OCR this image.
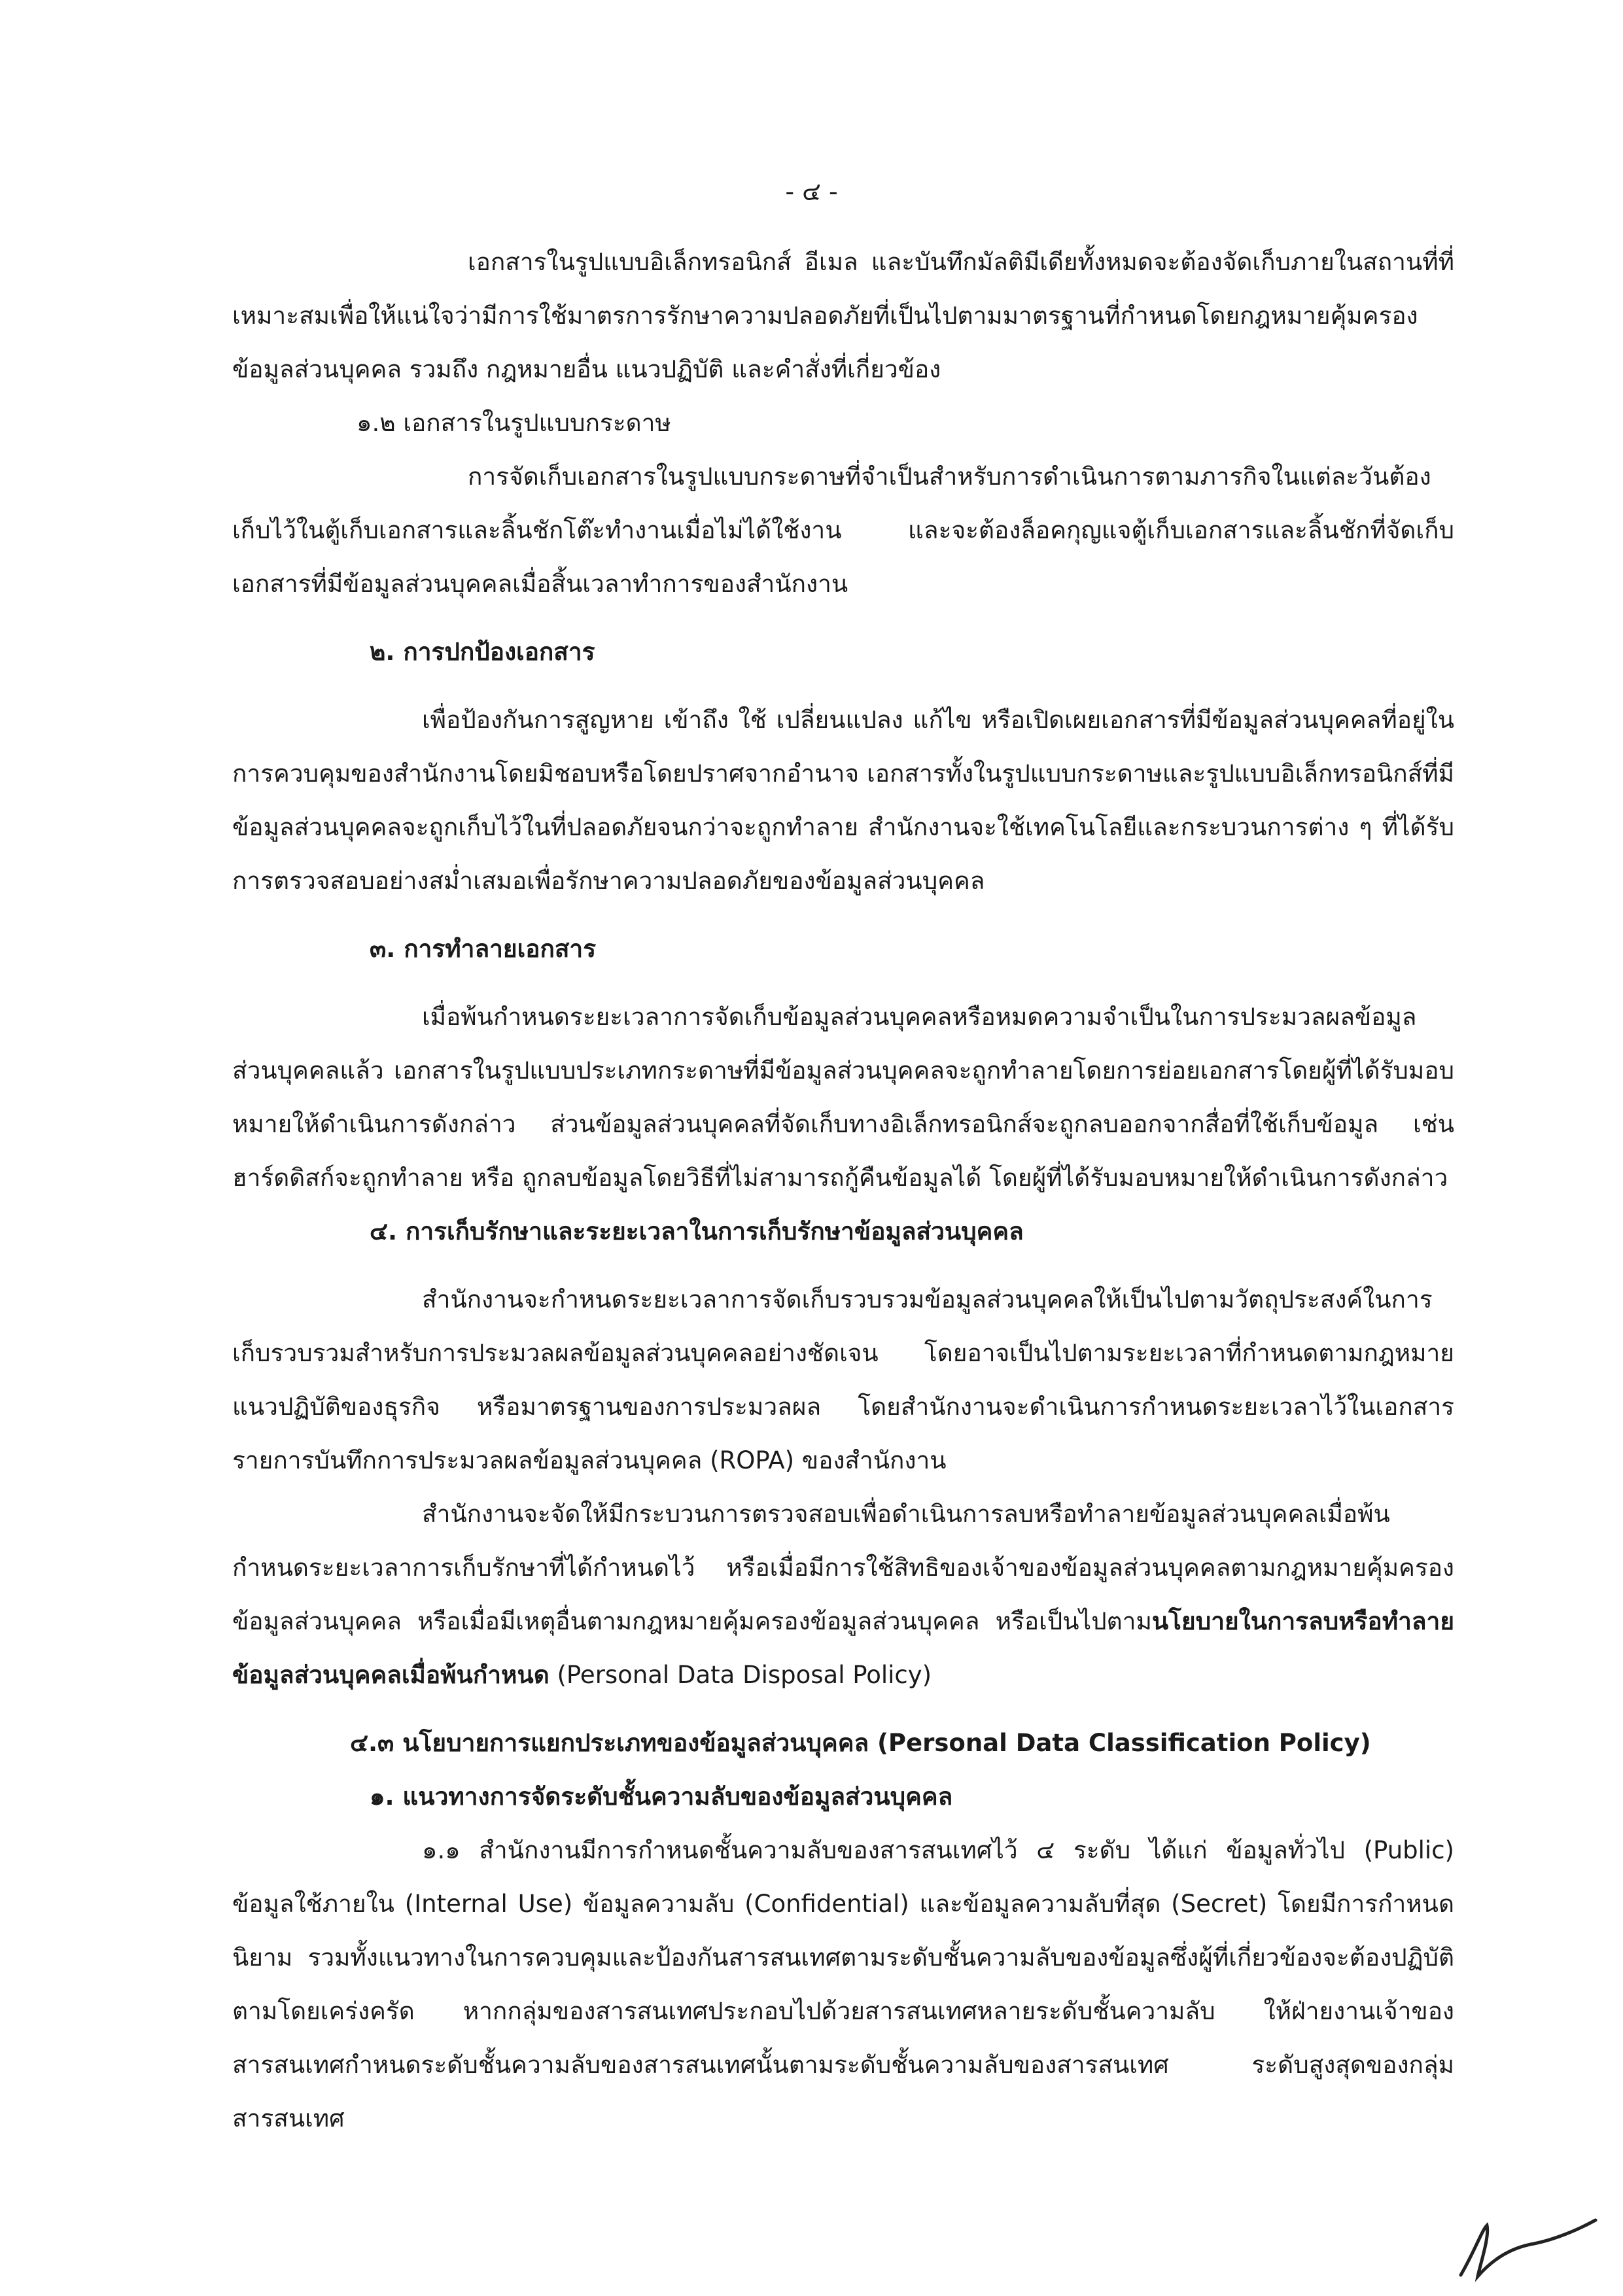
- ๔ -

เอกสารในรูปแบบอิเล็กทรอนิกส์ อีเมล และบันทึกมัลติมีเดียทั้งหมดจะต้องจัดเก็บภายในสถานที่ที่เหมาะสมเพื่อให้แน่ใจว่ามีการใช้มาตรการรักษาความปลอดภัยที่เป็นไปตามมาตรฐานที่กำหนดโดยกฎหมายคุ้มครองข้อมูลส่วนบุคคล รวมถึง กฎหมายอื่น แนวปฏิบัติ และคำสั่งที่เกี่ยวข้อง

๑.๒ เอกสารในรูปแบบกระดาษ

การจัดเก็บเอกสารในรูปแบบกระดาษที่จำเป็นสำหรับการดำเนินการตามภารกิจในแต่ละวันต้องเก็บไว้ในตู้เก็บเอกสารและลิ้นชักโต๊ะทำงานเมื่อไม่ได้ใช้งาน และจะต้องล็อคกุญแจตู้เก็บเอกสารและลิ้นชักที่จัดเก็บเอกสารที่มีข้อมูลส่วนบุคคลเมื่อสิ้นเวลาทำการของสำนักงาน

๒. การปกป้องเอกสาร

เพื่อป้องกันการสูญหาย เข้าถึง ใช้ เปลี่ยนแปลง แก้ไข หรือเปิดเผยเอกสารที่มีข้อมูลส่วนบุคคลที่อยู่ในการควบคุมของสำนักงานโดยมิชอบหรือโดยปราศจากอำนาจ เอกสารทั้งในรูปแบบกระดาษและรูปแบบอิเล็กทรอนิกส์ที่มีข้อมูลส่วนบุคคลจะถูกเก็บไว้ในที่ปลอดภัยจนกว่าจะถูกทำลาย สำนักงานจะใช้เทคโนโลยีและกระบวนการต่าง ๆ ที่ได้รับการตรวจสอบอย่างสม่ำเสมอเพื่อรักษาความปลอดภัยของข้อมูลส่วนบุคคล

๓. การทำลายเอกสาร

เมื่อพ้นกำหนดระยะเวลาการจัดเก็บข้อมูลส่วนบุคคลหรือหมดความจำเป็นในการประมวลผลข้อมูลส่วนบุคคลแล้ว เอกสารในรูปแบบประเภทกระดาษที่มีข้อมูลส่วนบุคคลจะถูกทำลายโดยการย่อยเอกสารโดยผู้ที่ได้รับมอบหมายให้ดำเนินการดังกล่าว ส่วนข้อมูลส่วนบุคคลที่จัดเก็บทางอิเล็กทรอนิกส์จะถูกลบออกจากสื่อที่ใช้เก็บข้อมูล เช่น ฮาร์ดดิสก์จะถูกทำลาย หรือ ถูกลบข้อมูลโดยวิธีที่ไม่สามารถกู้คืนข้อมูลได้ โดยผู้ที่ได้รับมอบหมายให้ดำเนินการดังกล่าว

๔. การเก็บรักษาและระยะเวลาในการเก็บรักษาข้อมูลส่วนบุคคล

สำนักงานจะกำหนดระยะเวลาการจัดเก็บรวบรวมข้อมูลส่วนบุคคลให้เป็นไปตามวัตถุประสงค์ในการเก็บรวบรวมสำหรับการประมวลผลข้อมูลส่วนบุคคลอย่างชัดเจน โดยอาจเป็นไปตามระยะเวลาที่กำหนดตามกฎหมาย แนวปฏิบัติของธุรกิจ หรือมาตรฐานของการประมวลผล โดยสำนักงานจะดำเนินการกำหนดระยะเวลาไว้ในเอกสารรายการบันทึกการประมวลผลข้อมูลส่วนบุคคล (ROPA) ของสำนักงาน

สำนักงานจะจัดให้มีกระบวนการตรวจสอบเพื่อดำเนินการลบหรือทำลายข้อมูลส่วนบุคคลเมื่อพ้นกำหนดระยะเวลาการเก็บรักษาที่ได้กำหนดไว้ หรือเมื่อมีการใช้สิทธิของเจ้าของข้อมูลส่วนบุคคลตามกฎหมายคุ้มครองข้อมูลส่วนบุคคล หรือเมื่อมีเหตุอื่นตามกฎหมายคุ้มครองข้อมูลส่วนบุคคล หรือเป็นไปตามนโยบายในการลบหรือทำลายข้อมูลส่วนบุคคลเมื่อพ้นกำหนด (Personal Data Disposal Policy)

๔.๓ นโยบายการแยกประเภทของข้อมูลส่วนบุคคล (Personal Data Classification Policy)

๑. แนวทางการจัดระดับชั้นความลับของข้อมูลส่วนบุคคล

๑.๑ สำนักงานมีการกำหนดชั้นความลับของสารสนเทศไว้ ๔ ระดับ ได้แก่ ข้อมูลทั่วไป (Public) ข้อมูลใช้ภายใน (Internal Use) ข้อมูลความลับ (Confidential) และข้อมูลความลับที่สุด (Secret) โดยมีการกำหนดนิยาม รวมทั้งแนวทางในการควบคุมและป้องกันสารสนเทศตามระดับชั้นความลับของข้อมูลซึ่งผู้ที่เกี่ยวข้องจะต้องปฏิบัติตามโดยเคร่งครัด หากกลุ่มของสารสนเทศประกอบไปด้วยสารสนเทศหลายระดับชั้นความลับ ให้ฝ่ายงานเจ้าของสารสนเทศกำหนดระดับชั้นความลับของสารสนเทศนั้นตามระดับชั้นความลับของสารสนเทศ ระดับสูงสุดของกลุ่มสารสนเทศ
